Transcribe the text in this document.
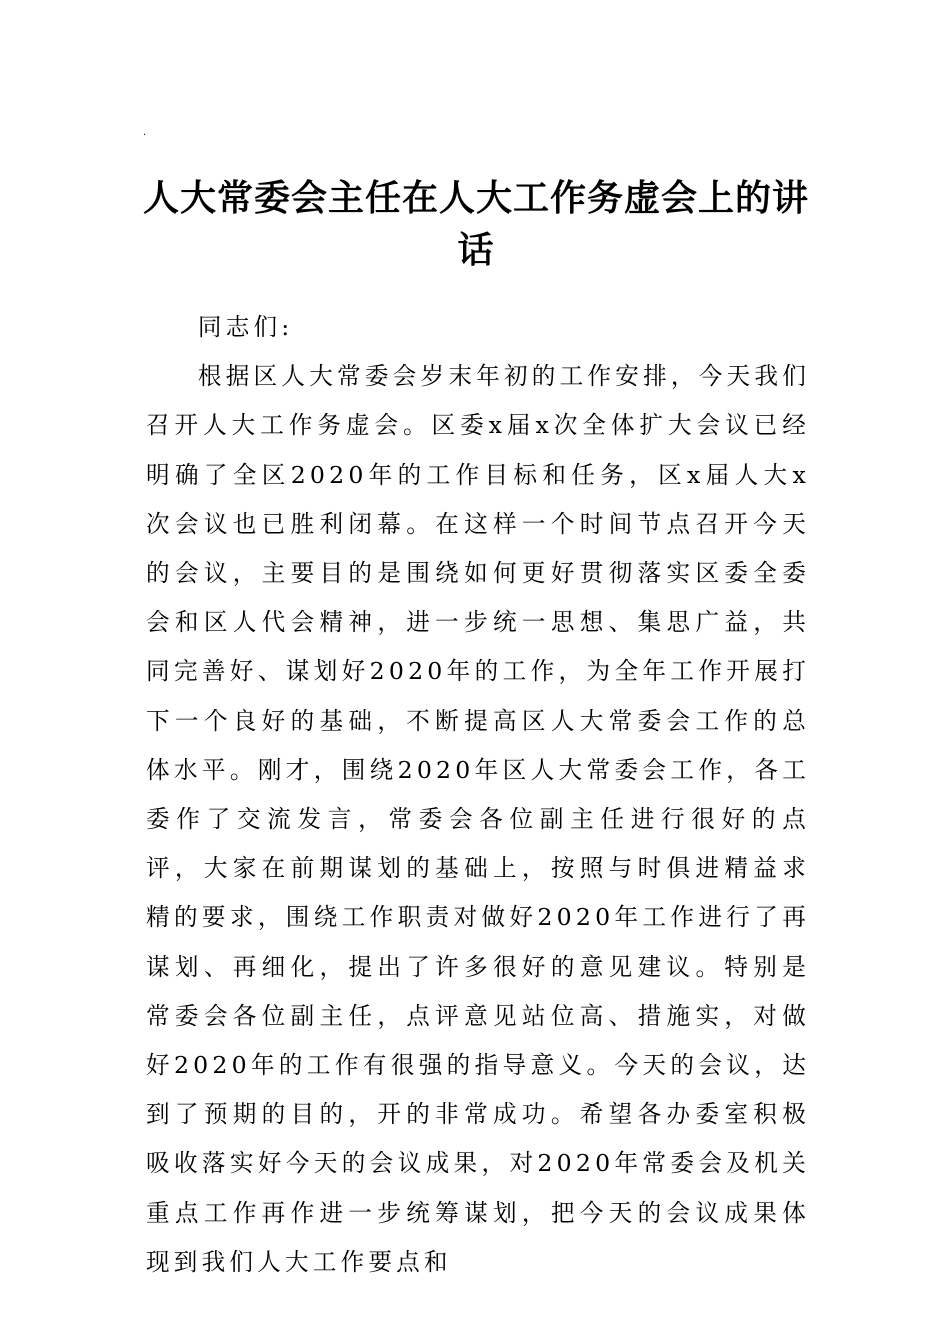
.
人大常委会主任在人大工作务虚会上的讲话

同志们:

根据区人大常委会岁末年初的工作安排，今天我们召开人大工作务虚会。区委x届x次全体扩大会议已经明确了全区2020年的工作目标和任务，区x届人大x次会议也已胜利闭幕。在这样一个时间节点召开今天的会议，主要目的是围绕如何更好贯彻落实区委全委会和区人代会精神，进一步统一思想、集思广益，共同完善好、谋划好2020年的工作，为全年工作开展打下一个良好的基础，不断提高区人大常委会工作的总体水平。刚才，围绕2020年区人大常委会工作，各工委作了交流发言，常委会各位副主任进行很好的点评，大家在前期谋划的基础上，按照与时俱进精益求精的要求，围绕工作职责对做好2020年工作进行了再谋划、再细化，提出了许多很好的意见建议。特别是常委会各位副主任，点评意见站位高、措施实，对做好2020年的工作有很强的指导意义。今天的会议，达到了预期的目的，开的非常成功。希望各办委室积极吸收落实好今天的会议成果，对2020年常委会及机关重点工作再作进一步统筹谋划，把今天的会议成果体现到我们人大工作要点和
